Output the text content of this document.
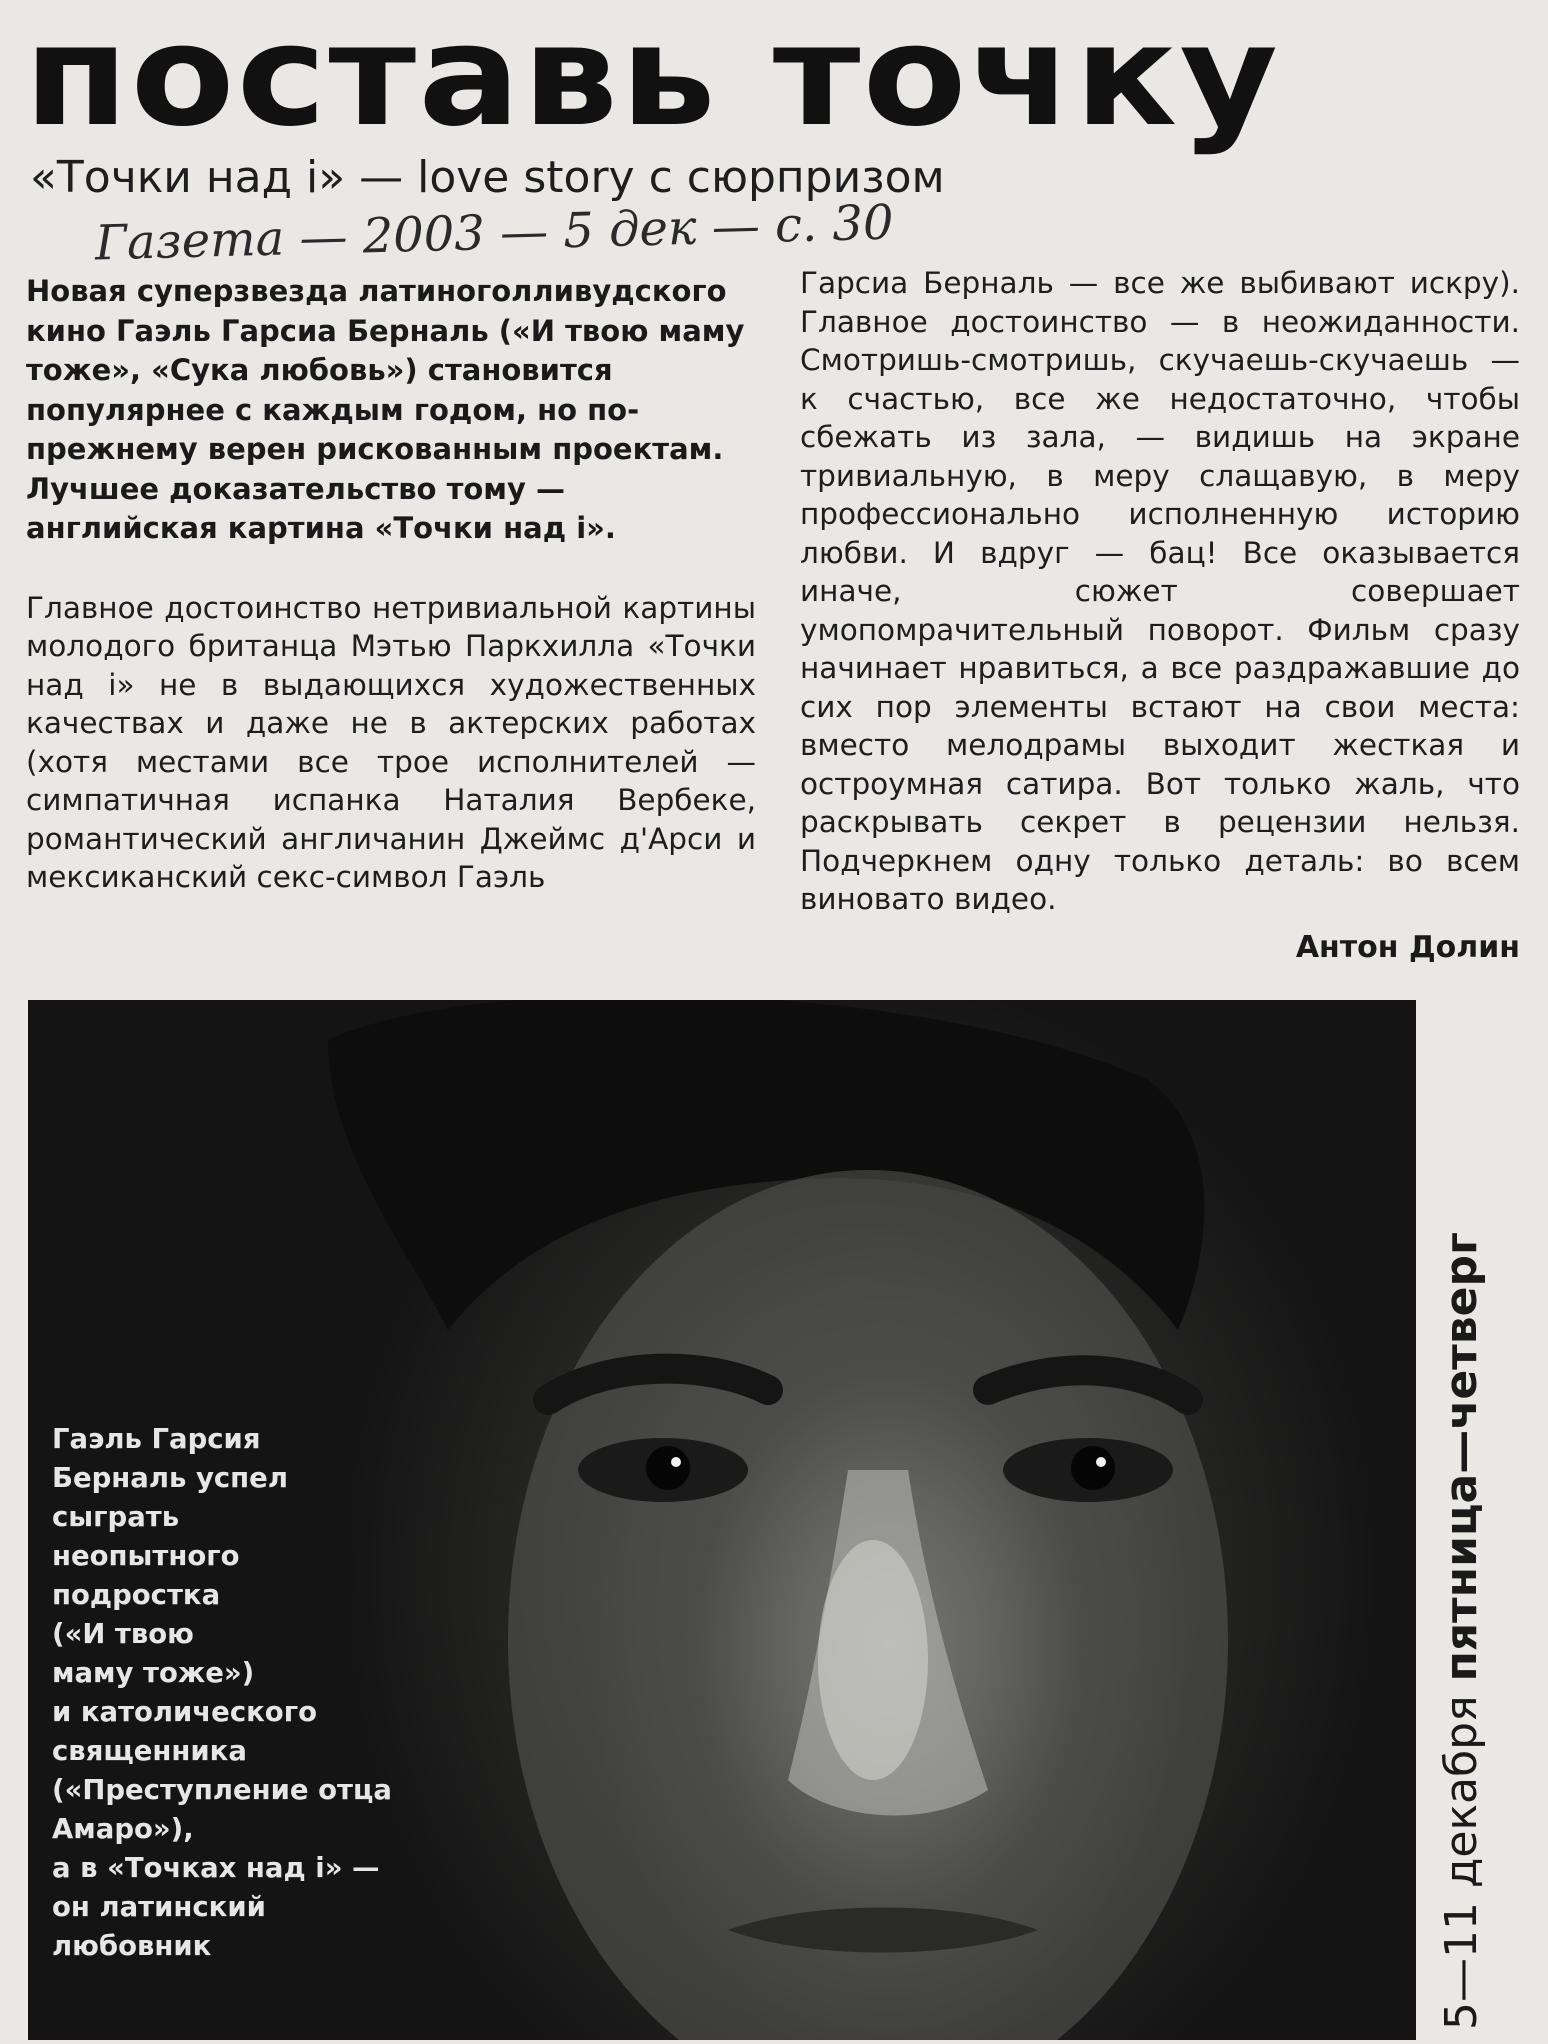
поставь точку
«Точки над i» — love story с сюрпризом
Газета — 2003 — 5 дек — с. 30

Новая суперзвезда латиноголливудского кино Гаэль Гарсиа Берналь («И твою маму тоже», «Сука любовь») становится популярнее с каждым годом, но по-прежнему верен рискованным проектам. Лучшее доказательство тому — английская картина «Точки над i».

Главное достоинство нетривиальной картины молодого британца Мэтью Паркхилла «Точки над i» не в выдающихся художественных качествах и даже не в актерских работах (хотя местами все трое исполнителей — симпатичная испанка Наталия Вербеке, романтический англичанин Джеймс д'Арси и мексиканский секс-символ Гаэль

Гарсиа Берналь — все же выбивают искру). Главное достоинство — в неожиданности. Смотришь-смотришь, скучаешь-скучаешь — к счастью, все же недостаточно, чтобы сбежать из зала, — видишь на экране тривиальную, в меру слащавую, в меру профессионально исполненную историю любви. И вдруг — бац! Все оказывается иначе, сюжет совершает умопомрачительный поворот. Фильм сразу начинает нравиться, а все раздражавшие до сих пор элементы встают на свои места: вместо мелодрамы выходит жесткая и остроумная сатира. Вот только жаль, что раскрывать секрет в рецензии нельзя. Подчеркнем одну только деталь: во всем виновато видео.

Антон Долин

Гаэль Гарсия
Берналь успел
сыграть
неопытного
подростка
(«И твою
маму тоже»)
и католического
священника
(«Преступление отца
Амаро»),
а в «Точках над i» —
он латинский
любовник	5—11 декабря пятница—четверг
